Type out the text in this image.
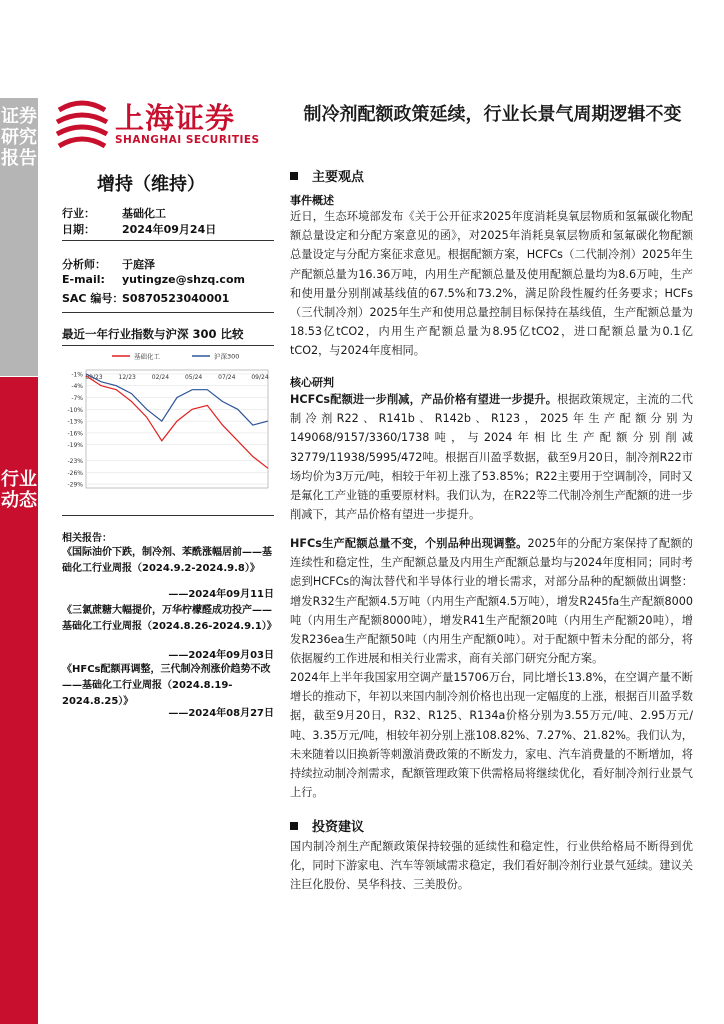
证券研究报告
行业动态
上海证券
SHANGHAI SECURITIES
制冷剂配额政策延续，行业长景气周期逻辑不变
增持（维持）
行业： 基础化工
日期： 2024年09月24日
分析师： 于庭泽
E-mail: yutingze@shzq.com
SAC 编号：S0870523040001
最近一年行业指数与沪深 300 比较
-1%
-4%
-7%
-10%
-13%
-16%
-19%
-23%
-26%
-29%
09/23	12/23	02/24	05/24	07/24	09/24
基础化工	沪深300
相关报告：
《国际油价下跌，制冷剂、苯酰涨幅居前——基础化工行业周报（2024.9.2-2024.9.8）》
——2024年09月11日
《三氯蔗糖大幅提价，万华柠檬醛成功投产——基础化工行业周报（2024.8.26-2024.9.1）》
——2024年09月03日
《HFCs配额再调整，三代制冷剂涨价趋势不改——基础化工行业周报（2024.8.19-2024.8.25）》
——2024年08月27日
主要观点
事件概述
近日，生态环境部发布《关于公开征求2025年度消耗臭氧层物质和氢氟碳化物配额总量设定和分配方案意见的函》，对2025年消耗臭氧层物质和氢氟碳化物配额总量设定与分配方案征求意见。根据配额方案，HCFCs（二代制冷剂）2025年生产配额总量为16.36万吨，内用生产配额总量及使用配额总量均为8.6万吨，生产和使用量分别削减基线值的67.5%和73.2%，满足阶段性履约任务要求；HCFs（三代制冷剂）2025年生产和使用总量控制目标保持在基线值，生产配额总量为18.53亿tCO2，内用生产配额总量为8.95亿tCO2，进口配额总量为0.1亿tCO2，与2024年度相同。
核心研判
HCFCs配额进一步削减，产品价格有望进一步提升。根据政策规定，主流的二代制冷剂R22、R141b、R142b、R123，2025年生产配额分别为149068/9157/3360/1738吨，与2024年相比生产配额分别削减32779/11938/5995/472吨。根据百川盈孚数据，截至9月20日，制冷剂R22市场均价为3万元/吨，相较于年初上涨了53.85%；R22主要用于空调制冷，同时又是氟化工产业链的重要原材料。我们认为，在R22等二代制冷剂生产配额的进一步削减下，其产品价格有望进一步提升。
HFCs生产配额总量不变，个别品种出现调整。2025年的分配方案保持了配额的连续性和稳定性，生产配额总量及内用生产配额总量均与2024年度相同；同时考虑到HCFCs的淘汰替代和半导体行业的增长需求，对部分品种的配额做出调整：增发R32生产配额4.5万吨（内用生产配额4.5万吨），增发R245fa生产配额8000吨（内用生产配额8000吨），增发R41生产配额20吨（内用生产配额20吨），增发R236ea生产配额50吨（内用生产配额0吨）。对于配额中暂未分配的部分，将依据履约工作进展和相关行业需求，商有关部门研究分配方案。
2024年上半年我国家用空调产量15706万台，同比增长13.8%，在空调产量不断增长的推动下，年初以来国内制冷剂价格也出现一定幅度的上涨，根据百川盈孚数据，截至9月20日，R32、R125、R134a价格分别为3.55万元/吨、2.95万元/吨、3.35万元/吨，相较年初分别上涨108.82%、7.27%、21.82%。我们认为，未来随着以旧换新等刺激消费政策的不断发力，家电、汽车消费量的不断增加，将持续拉动制冷剂需求，配额管理政策下供需格局将继续优化，看好制冷剂行业景气上行。
投资建议
国内制冷剂生产配额政策保持较强的延续性和稳定性，行业供给格局不断得到优化，同时下游家电、汽车等领域需求稳定，我们看好制冷剂行业景气延续。建议关注巨化股份、昊华科技、三美股份。
